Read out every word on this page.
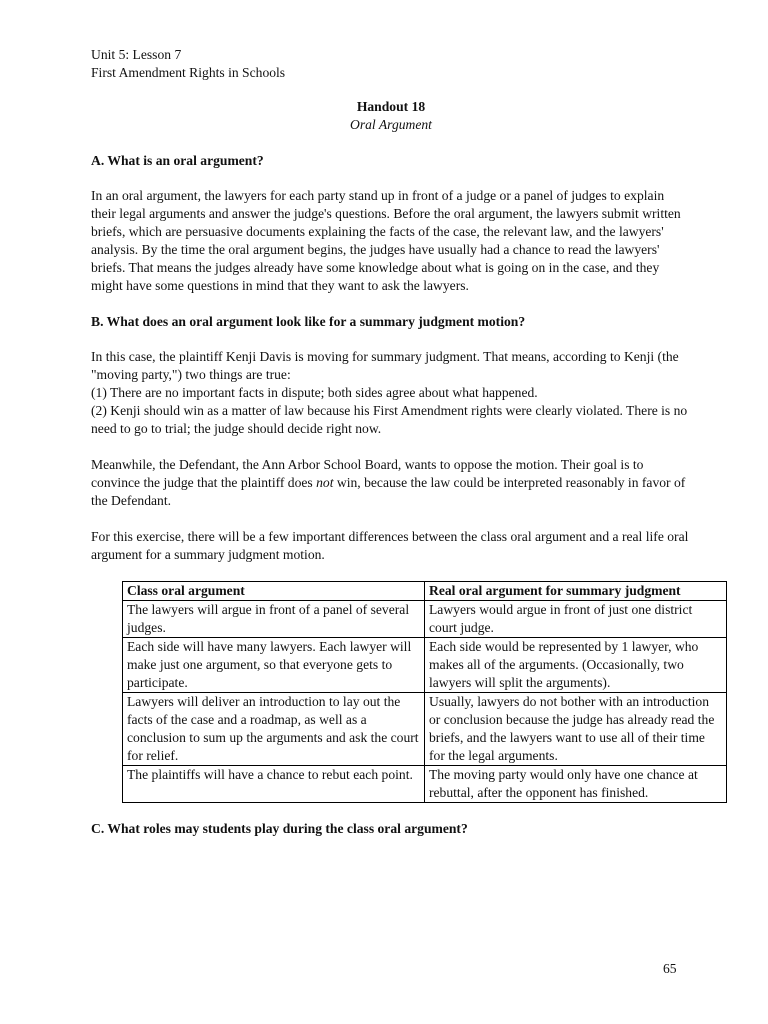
Unit 5: Lesson 7
First Amendment Rights in Schools
Handout 18
Oral Argument
A. What is an oral argument?

In an oral argument, the lawyers for each party stand up in front of a judge or a panel of judges to explain their legal arguments and answer the judge's questions. Before the oral argument, the lawyers submit written briefs, which are persuasive documents explaining the facts of the case, the relevant law, and the lawyers' analysis. By the time the oral argument begins, the judges have usually had a chance to read the lawyers' briefs. That means the judges already have some knowledge about what is going on in the case, and they might have some questions in mind that they want to ask the lawyers.

B. What does an oral argument look like for a summary judgment motion?
In this case, the plaintiff Kenji Davis is moving for summary judgment. That means, according to Kenji (the "moving party,") two things are true:
(1) There are no important facts in dispute; both sides agree about what happened.
(2) Kenji should win as a matter of law because his First Amendment rights were clearly violated. There is no need to go to trial; the judge should decide right now.

Meanwhile, the Defendant, the Ann Arbor School Board, wants to oppose the motion. Their goal is to convince the judge that the plaintiff does not win, because the law could be interpreted reasonably in favor of the Defendant.

For this exercise, there will be a few important differences between the class oral argument and a real life oral argument for a summary judgment motion.

Class oral argument	Real oral argument for summary judgment
The lawyers will argue in front of a panel of several judges.	Lawyers would argue in front of just one district court judge.
Each side will have many lawyers. Each lawyer will make just one argument, so that everyone gets to participate.	Each side would be represented by 1 lawyer, who makes all of the arguments. (Occasionally, two lawyers will split the arguments).
Lawyers will deliver an introduction to lay out the facts of the case and a roadmap, as well as a conclusion to sum up the arguments and ask the court for relief.	Usually, lawyers do not bother with an introduction or conclusion because the judge has already read the briefs, and the lawyers want to use all of their time for the legal arguments.
The plaintiffs will have a chance to rebut each point.	The moving party would only have one chance at rebuttal, after the opponent has finished.
C. What roles may students play during the class oral argument?
65
